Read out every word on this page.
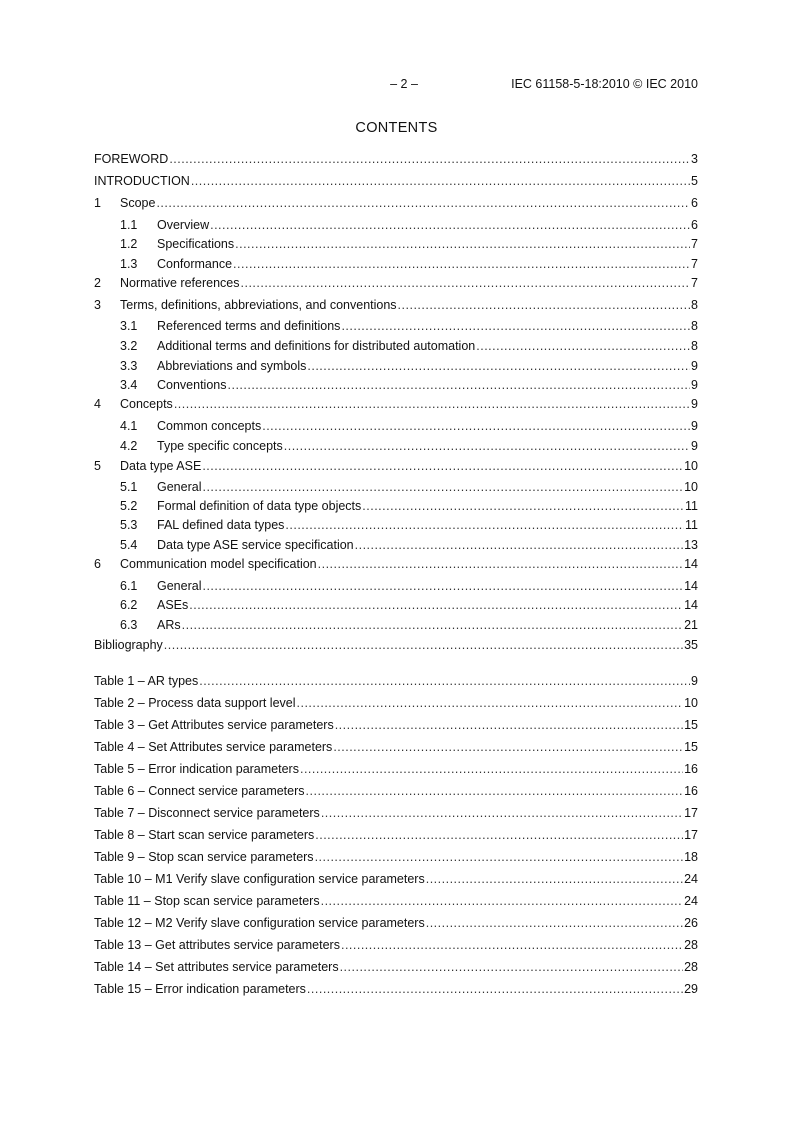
– 2 –	IEC 61158-5-18:2010 © IEC 2010
CONTENTS
FOREWORD .....	3
INTRODUCTION .....	5
1	Scope .....	6
1.1	Overview .....	6
1.2	Specifications .....	7
1.3	Conformance .....	7
2	Normative references .....	7
3	Terms, definitions, abbreviations, and conventions .....	8
3.1	Referenced terms and definitions .....	8
3.2	Additional terms and definitions for distributed automation .....	8
3.3	Abbreviations and symbols .....	9
3.4	Conventions .....	9
4	Concepts .....	9
4.1	Common concepts .....	9
4.2	Type specific concepts .....	9
5	Data type ASE .....	10
5.1	General .....	10
5.2	Formal definition of data type objects .....	11
5.3	FAL defined data types .....	11
5.4	Data type ASE service specification .....	13
6	Communication model specification .....	14
6.1	General .....	14
6.2	ASEs .....	14
6.3	ARs .....	21
Bibliography .....	35
Table 1 – AR types .....	9
Table 2 – Process data support level .....	10
Table 3 – Get Attributes service parameters .....	15
Table 4 – Set Attributes service parameters .....	15
Table 5 – Error indication parameters .....	16
Table 6 – Connect service parameters .....	16
Table 7 – Disconnect service parameters .....	17
Table 8 – Start scan service parameters .....	17
Table 9 – Stop scan service parameters .....	18
Table 10 – M1 Verify slave configuration service parameters .....	24
Table 11 – Stop scan service parameters .....	24
Table 12 – M2 Verify slave configuration service parameters .....	26
Table 13 – Get attributes service parameters .....	28
Table 14 – Set attributes service parameters .....	28
Table 15 – Error indication parameters .....	29
